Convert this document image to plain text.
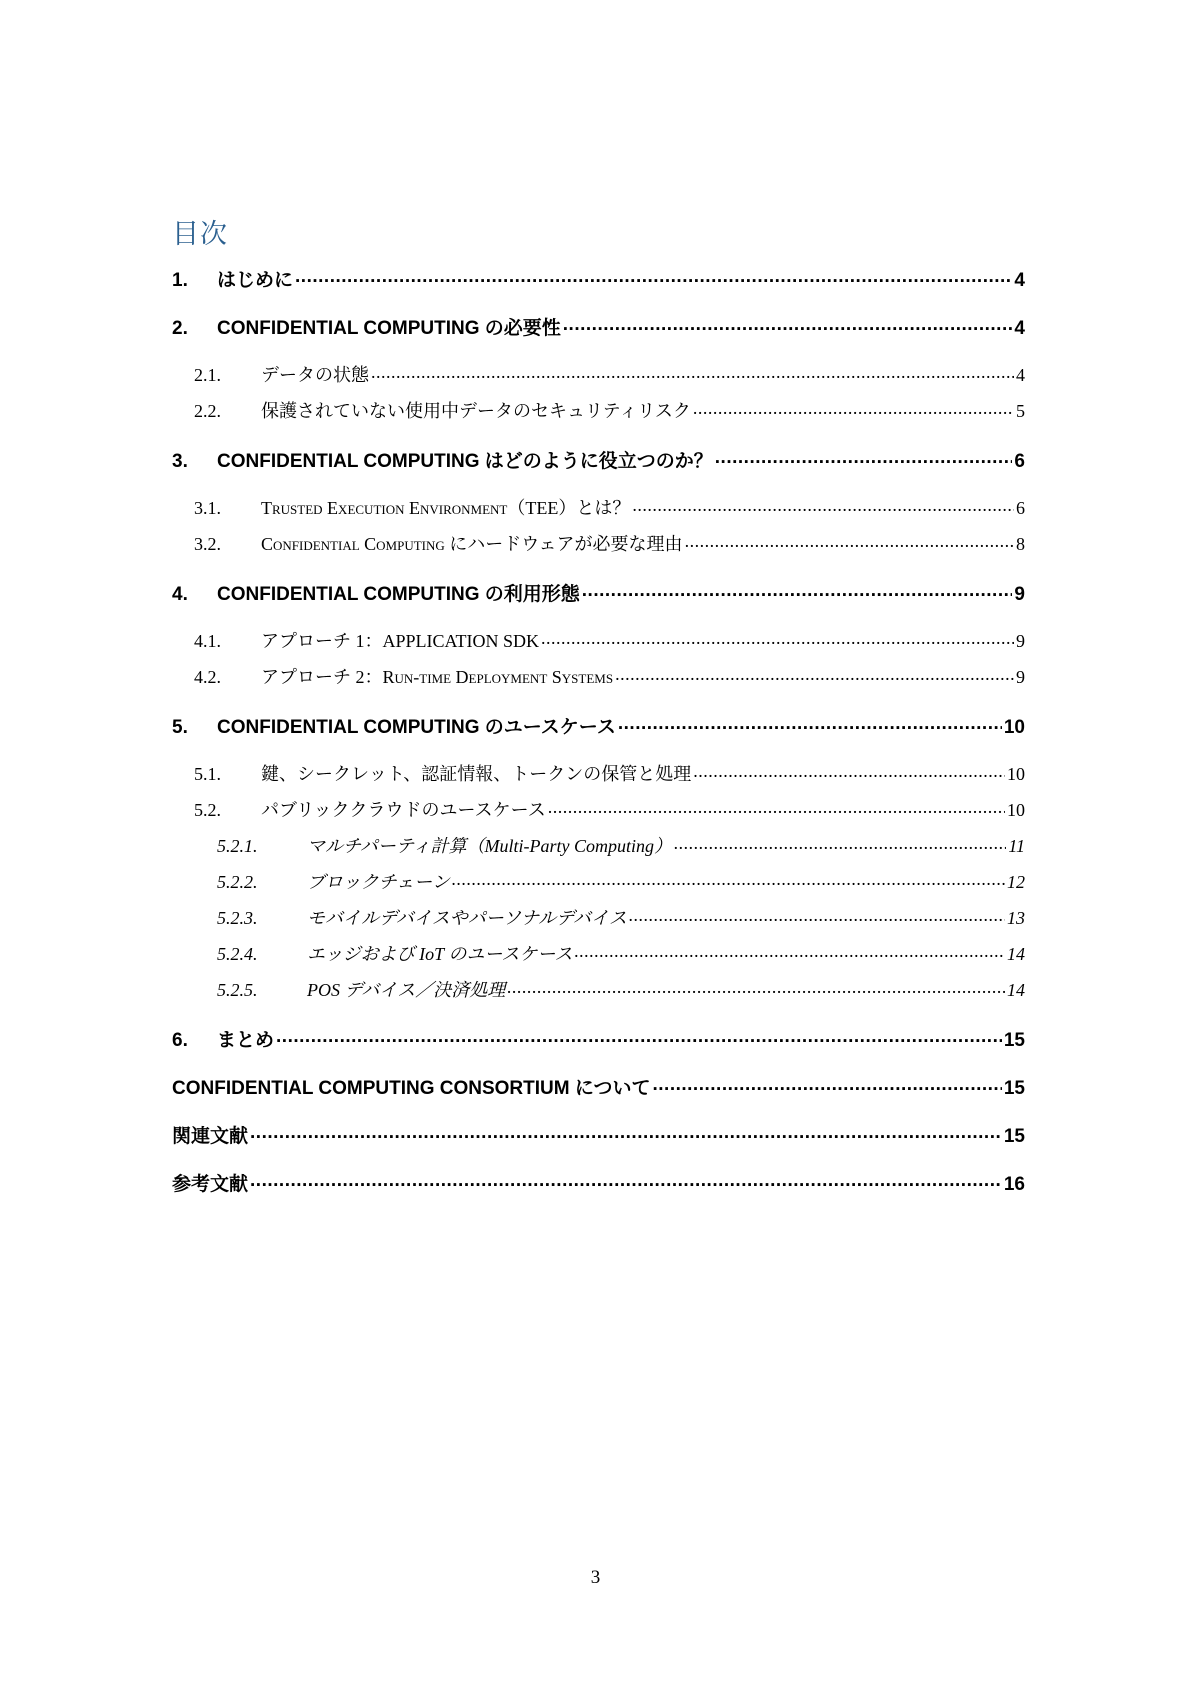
目次
1.	はじめに .....	4
2.	CONFIDENTIAL COMPUTING の必要性 .....	4
2.1.	データの状態 .....	4
2.2.	保護されていない使用中データのセキュリティリスク .....	5
3.	CONFIDENTIAL COMPUTING はどのように役立つのか？ .....	6
3.1.	Trusted Execution Environment（TEE）とは？ .....	6
3.2.	Confidential Computing にハードウェアが必要な理由 .....	8
4.	CONFIDENTIAL COMPUTING の利用形態 .....	9
4.1.	アプローチ 1：APPLICATION SDK .....	9
4.2.	アプローチ 2：Run-time Deployment Systems .....	9
5.	CONFIDENTIAL COMPUTING のユースケース .....	10
5.1.	鍵、シークレット、認証情報、トークンの保管と処理 .....	10
5.2.	パブリッククラウドのユースケース .....	10
5.2.1.	マルチパーティ計算（Multi-Party Computing） .....	11
5.2.2.	ブロックチェーン .....	12
5.2.3.	モバイルデバイスやパーソナルデバイス .....	13
5.2.4.	エッジおよび IoT のユースケース .....	14
5.2.5.	POS デバイス／決済処理 .....	14
6.	まとめ .....	15
CONFIDENTIAL COMPUTING CONSORTIUM について .....	15
関連文献 .....	15
参考文献 .....	16
3
